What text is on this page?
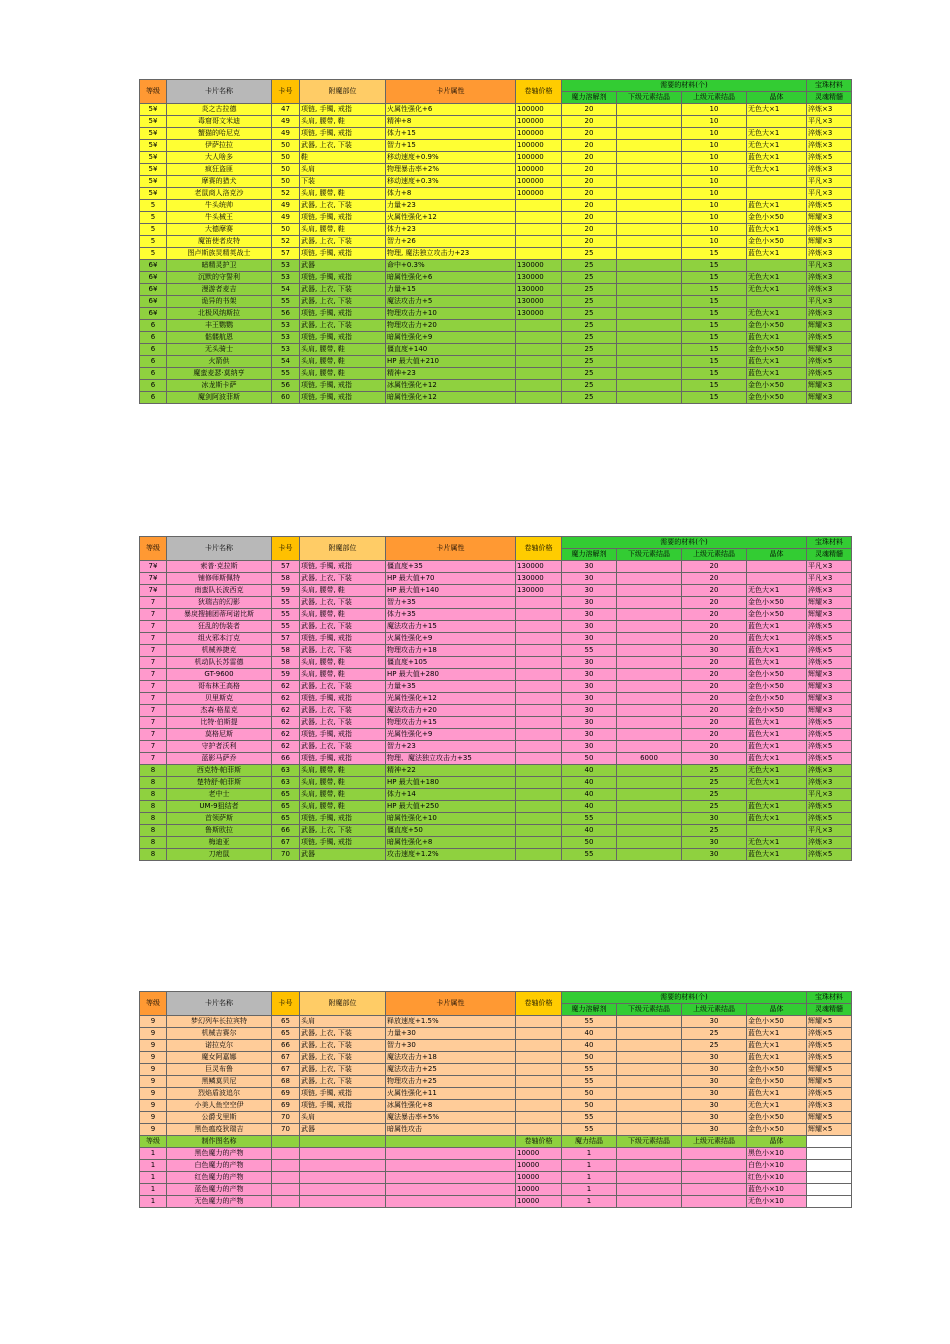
等级	卡片名称	卡号	附魔部位	卡片属性	卷轴价格	需要的材料(个)				宝珠材料
						魔力溶解剂	下级元素结晶	上级元素结晶	晶体	灵魂精髓
5¥	炎之古拉德	47	项链, 手镯, 戒指	火属性强化+6	100000	20		10	无色大×1	淬炼×3
5¥	毒窟哥文米迪	49	头肩, 腰带, 鞋	精神+8	100000	20		10		平凡×3
5¥	蟹猫的哈尼克	49	项链, 手镯, 戒指	体力+15	100000	20		10	无色大×1	淬炼×3
5¥	伊萨拉拉	50	武器, 上衣, 下装	智力+15	100000	20		10	无色大×1	淬炼×3
5¥	大人啥多	50	鞋	移动速度+0.9%	100000	20		10	蓝色大×1	淬炼×5
5¥	疯狂盗匪	50	头肩	物理暴击率+2%	100000	20		10	无色大×1	淬炼×3
5¥	摩赛的猎犬	50	下装	移动速度+0.3%	100000	20		10		平凡×3
5¥	老鼠商人洛克沙	52	头肩, 腰带, 鞋	体力+8	100000	20		10		平凡×3
5	牛头统帅	49	武器, 上衣, 下装	力量+23		20		10	蓝色大×1	淬炼×5
5	牛头械王	49	项链, 手镯, 戒指	火属性强化+12		20		10	金色小×50	辉耀×3
5	大德摩赛	50	头肩, 腰带, 鞋	体力+23		20		10	蓝色大×1	淬炼×5
5	魔笛使者皮特	52	武器, 上衣, 下装	智力+26		20		10	金色小×50	辉耀×3
5	图卢斯族炅精英战士	57	项链, 手镯, 戒指	物理, 魔法独立攻击力+23		25		15	蓝色大×1	淬炼×3
6¥	暗精灵护卫	53	武器	命中+0.3%	130000	25		15		平凡×3
6¥	沉默的守誓利	53	项链, 手镯, 戒指	暗属性强化+6	130000	25		15	无色大×1	淬炼×3
6¥	漫游者麦吉	54	武器, 上衣, 下装	力量+15	130000	25		15	无色大×1	淬炼×3
6¥	诡异的书架	55	武器, 上衣, 下装	魔法攻击力+5	130000	25		15		平凡×3
6¥	北极风纳斯拉	56	项链, 手镯, 戒指	物理攻击力+10	130000	25		15	无色大×1	淬炼×3
6	丰王鹦鹦	53	武器, 上衣, 下装	物理攻击力+20		25		15	金色小×50	辉耀×3
6	骷髅航恩	53	项链, 手镯, 戒指	暗属性强化+9		25		15	蓝色大×1	淬炼×5
6	无头骑士	53	头肩, 腰带, 鞋	僵直度+140		25		15	金色小×50	辉耀×3
6	火箭供	54	头肩, 腰带, 鞋	HP 最大值+210		25		15	蓝色大×1	淬炼×5
6	魔蛮麦瑟·莫纳亨	55	头肩, 腰带, 鞋	精神+23		25		15	蓝色大×1	淬炼×5
6	冰龙斯卡萨	56	项链, 手镯, 戒指	冰属性强化+12		25		15	金色小×50	辉耀×3
6	魔剑阿波菲斯	60	项链, 手镯, 戒指	暗属性强化+12		25		15	金色小×50	辉耀×3
等级	卡片名称	卡号	附魔部位	卡片属性	卷轴价格	需要的材料(个)				宝珠材料
						魔力溶解剂	下级元素结晶	上级元素结晶	晶体	灵魂精髓
7¥	索普·克拉斯	57	项链, 手镯, 戒指	僵直度+35	130000	30		20		平凡×3
7¥	铺修师斯佩特	58	武器, 上衣, 下装	HP 最大值+70	130000	30		20		平凡×3
7¥	南蛮队长波西克	59	头肩, 腰带, 鞋	HP 最大值+140	130000	30		20	无色大×1	淬炼×3
7	狄瑞吉的幻影	55	武器, 上衣, 下装	智力+35		30		20	金色小×50	辉耀×3
7	暴戾搜捕团蒂珂诺比斯	55	头肩, 腰带, 鞋	体力+35		30		20	金色小×50	辉耀×3
7	狂乱的伪装者	55	武器, 上衣, 下装	魔法攻击力+15		30		20	蓝色大×1	淬炼×5
7	组火邪本汀克	57	项链, 手镯, 戒指	火属性强化+9		30		20	蓝色大×1	淬炼×5
7	机械养捷克	58	武器, 上衣, 下装	物理攻击力+18		55		30	蓝色大×1	淬炼×5
7	机动队长苏雷德	58	头肩, 腰带, 鞋	僵直度+105		30		20	蓝色大×1	淬炼×5
7	GT-9600	59	头肩, 腰带, 鞋	HP 最大值+280		30		20	金色小×50	辉耀×3
7	哥布林王高格	62	武器, 上衣, 下装	力量+35		30		20	金色小×50	辉耀×3
7	贝里斯克	62	项链, 手镯, 戒指	光属性强化+12		30		20	金色小×50	辉耀×3
7	杰森·格星克	62	武器, 上衣, 下装	魔法攻击力+20		30		20	金色小×50	辉耀×3
7	比特·伯斯提	62	武器, 上衣, 下装	物理攻击力+15		30		20	蓝色大×1	淬炼×5
7	莫格尼斯	62	项链, 手镯, 戒指	光属性强化+9		30		20	蓝色大×1	淬炼×5
7	守护者沃利	62	武器, 上衣, 下装	智力+23		30		20	蓝色大×1	淬炼×5
7	蓝影马萨乔	66	项链, 手镯, 戒指	物理、魔法独立攻击力+35		50	6000	30	蓝色大×1	淬炼×5
8	西克特·帕菲斯	63	头肩, 腰带, 鞋	精神+22		40		25	无色大×1	淬炼×3
8	楚特舒·帕菲斯	63	头肩, 腰带, 鞋	HP 最大值+180		40		25	无色大×1	淬炼×3
8	老中士	65	头肩, 腰带, 鞋	体力+14		40		25		平凡×3
8	UM-9狙结者	65	头肩, 腰带, 鞋	HP 最大值+250		40		25	蓝色大×1	淬炼×5
8	首领萨斯	65	项链, 手镯, 戒指	暗属性强化+10		55		30	蓝色大×1	淬炼×5
8	鲁斯欧拉	66	武器, 上衣, 下装	僵直度+50		40		25		平凡×3
8	梅迪亚	67	项链, 手镯, 戒指	暗属性强化+8		50		30	无色大×1	淬炼×3
8	刀疤鼠	70	武器	攻击速度+1.2%		55		30	蓝色大×1	淬炼×5
等级	卡片名称	卡号	附魔部位	卡片属性	卷轴价格	需要的材料(个)				宝珠材料
						魔力溶解剂	下级元素结晶	上级元素结晶	晶体	灵魂精髓
9	梦幻列车长拉宾特	65	头肩	释放速度+1.5%		55		30	金色小×50	辉耀×5
9	机械吉赛尔	65	武器, 上衣, 下装	力量+30		40		25	蓝色大×1	淬炼×5
9	诺拉克尔	66	武器, 上衣, 下装	智力+30		40		25	蓝色大×1	淬炼×5
9	魔女阿嘉娜	67	武器, 上衣, 下装	魔法攻击力+18		50		30	蓝色大×1	淬炼×5
9	巨灵布鲁	67	武器, 上衣, 下装	魔法攻击力+25		55		30	金色小×50	辉耀×5
9	黑鳞莫贝尼	68	武器, 上衣, 下装	物理攻击力+25		55		30	金色小×50	辉耀×5
9	烈焰盾波追尔	69	项链, 手镯, 戒指	火属性强化+11		50		30	蓝色大×1	淬炼×5
9	小美人鱼空空伊	69	项链, 手镯, 戒指	冰属性强化+8		50		30	无色大×1	淬炼×3
9	公爵戈里斯	70	头肩	魔法暴击率+5%		55		30	金色小×50	辉耀×5
9	黑色瘟疫狄瑞吉	70	武器	暗属性攻击		55		30	金色小×50	辉耀×5
等级	制作图名称				卷轴价格	魔力结晶	下级元素结晶	上级元素结晶	晶体	
1	黑色魔力的产物				10000	1			黑色小×10	
1	白色魔力的产物				10000	1			白色小×10	
1	红色魔力的产物				10000	1			红色小×10	
1	蓝色魔力的产物				10000	1			蓝色小×10	
1	无色魔力的产物				10000	1			无色小×10	
